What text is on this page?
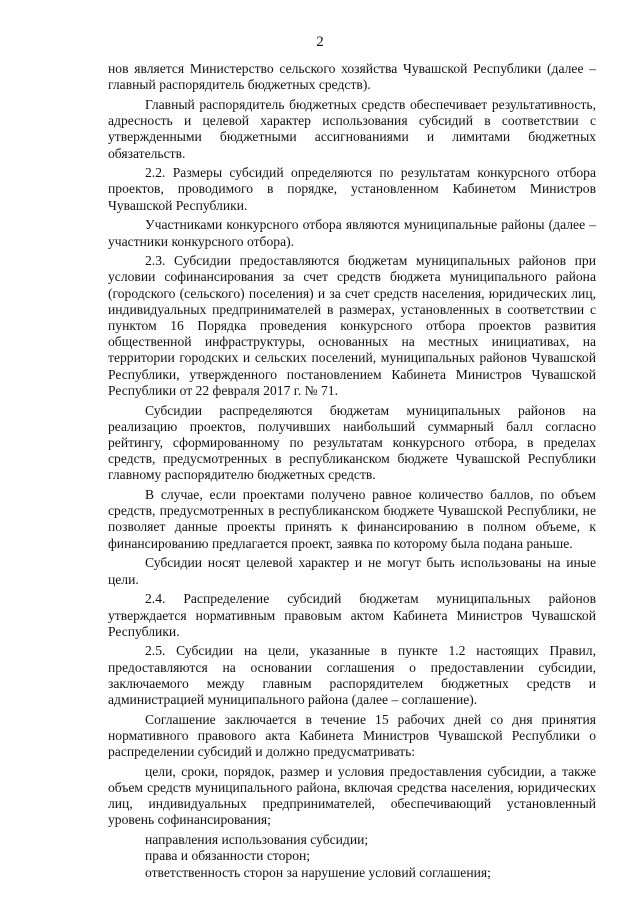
2

нов является Министерство сельского хозяйства Чувашской Республики (далее – главный распорядитель бюджетных средств).

Главный распорядитель бюджетных средств обеспечивает результативность, адресность и целевой характер использования субсидий в соответствии с утвержденными бюджетными ассигнованиями и лимитами бюджетных обязательств.

2.2. Размеры субсидий определяются по результатам конкурсного отбора проектов, проводимого в порядке, установленном Кабинетом Министров Чувашской Республики.

Участниками конкурсного отбора являются муниципальные районы (далее – участники конкурсного отбора).

2.3. Субсидии предоставляются бюджетам муниципальных районов при условии софинансирования за счет средств бюджета муниципального района (городского (сельского) поселения) и за счет средств населения, юридических лиц, индивидуальных предпринимателей в размерах, установленных в соответствии с пунктом 16 Порядка проведения конкурсного отбора проектов развития общественной инфраструктуры, основанных на местных инициативах, на территории городских и сельских поселений, муниципальных районов Чувашской Республики, утвержденного постановлением Кабинета Министров Чувашской Республики от 22 февраля 2017 г. № 71.

Субсидии распределяются бюджетам муниципальных районов на реализацию проектов, получивших наибольший суммарный балл согласно рейтингу, сформированному по результатам конкурсного отбора, в пределах средств, предусмотренных в республиканском бюджете Чувашской Республики главному распорядителю бюджетных средств.

В случае, если проектами получено равное количество баллов, по объем средств, предусмотренных в республиканском бюджете Чувашской Республики, не позволяет данные проекты принять к финансированию в полном объеме, к финансированию предлагается проект, заявка по которому была подана раньше.

Субсидии носят целевой характер и не могут быть использованы на иные цели.

2.4. Распределение субсидий бюджетам муниципальных районов утверждается нормативным правовым актом Кабинета Министров Чувашской Республики.

2.5. Субсидии на цели, указанные в пункте 1.2 настоящих Правил, предоставляются на основании соглашения о предоставлении субсидии, заключаемого между главным распорядителем бюджетных средств и администрацией муниципального района (далее – соглашение).

Соглашение заключается в течение 15 рабочих дней со дня принятия нормативного правового акта Кабинета Министров Чувашской Республики о распределении субсидий и должно предусматривать:

цели, сроки, порядок, размер и условия предоставления субсидии, а также объем средств муниципального района, включая средства населения, юридических лиц, индивидуальных предпринимателей, обеспечивающий установленный уровень софинансирования;

направления использования субсидии;

права и обязанности сторон;

ответственность сторон за нарушение условий соглашения;
